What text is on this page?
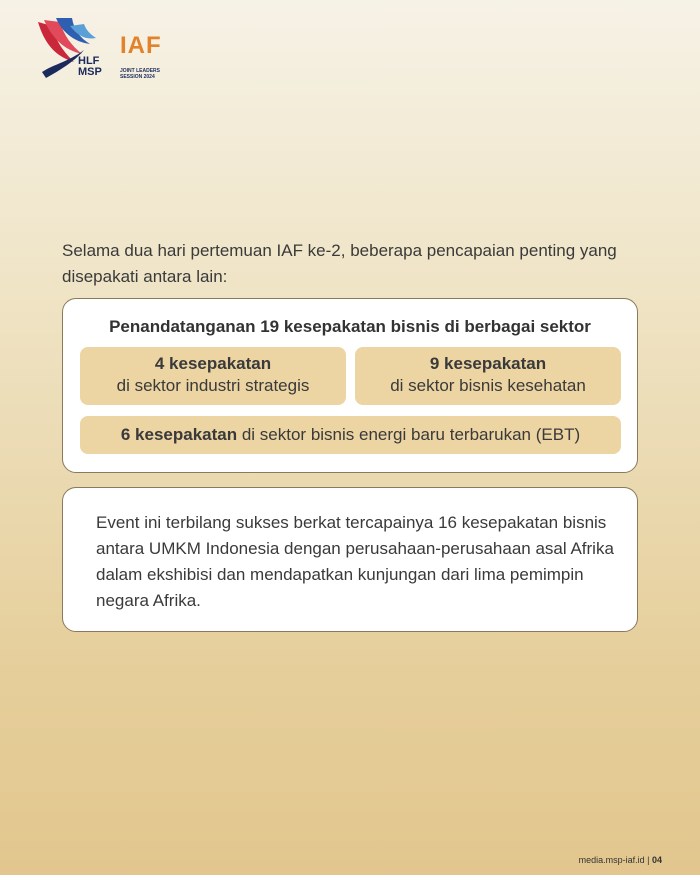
HLF
MSP
IAF
JOINT LEADERS
SESSION 2024
Selama dua hari pertemuan IAF ke-2, beberapa pencapaian penting yang disepakati antara lain:
Penandatanganan 19 kesepakatan bisnis di berbagai sektor
4 kesepakatan
di sektor industri strategis
9 kesepakatan
di sektor bisnis kesehatan
6 kesepakatan di sektor bisnis energi baru terbarukan (EBT)
Event ini terbilang sukses berkat tercapainya 16 kesepakatan bisnis antara UMKM Indonesia dengan perusahaan-perusahaan asal Afrika dalam ekshibisi dan mendapatkan kunjungan dari lima pemimpin negara Afrika.
media.msp-iaf.id | 04
